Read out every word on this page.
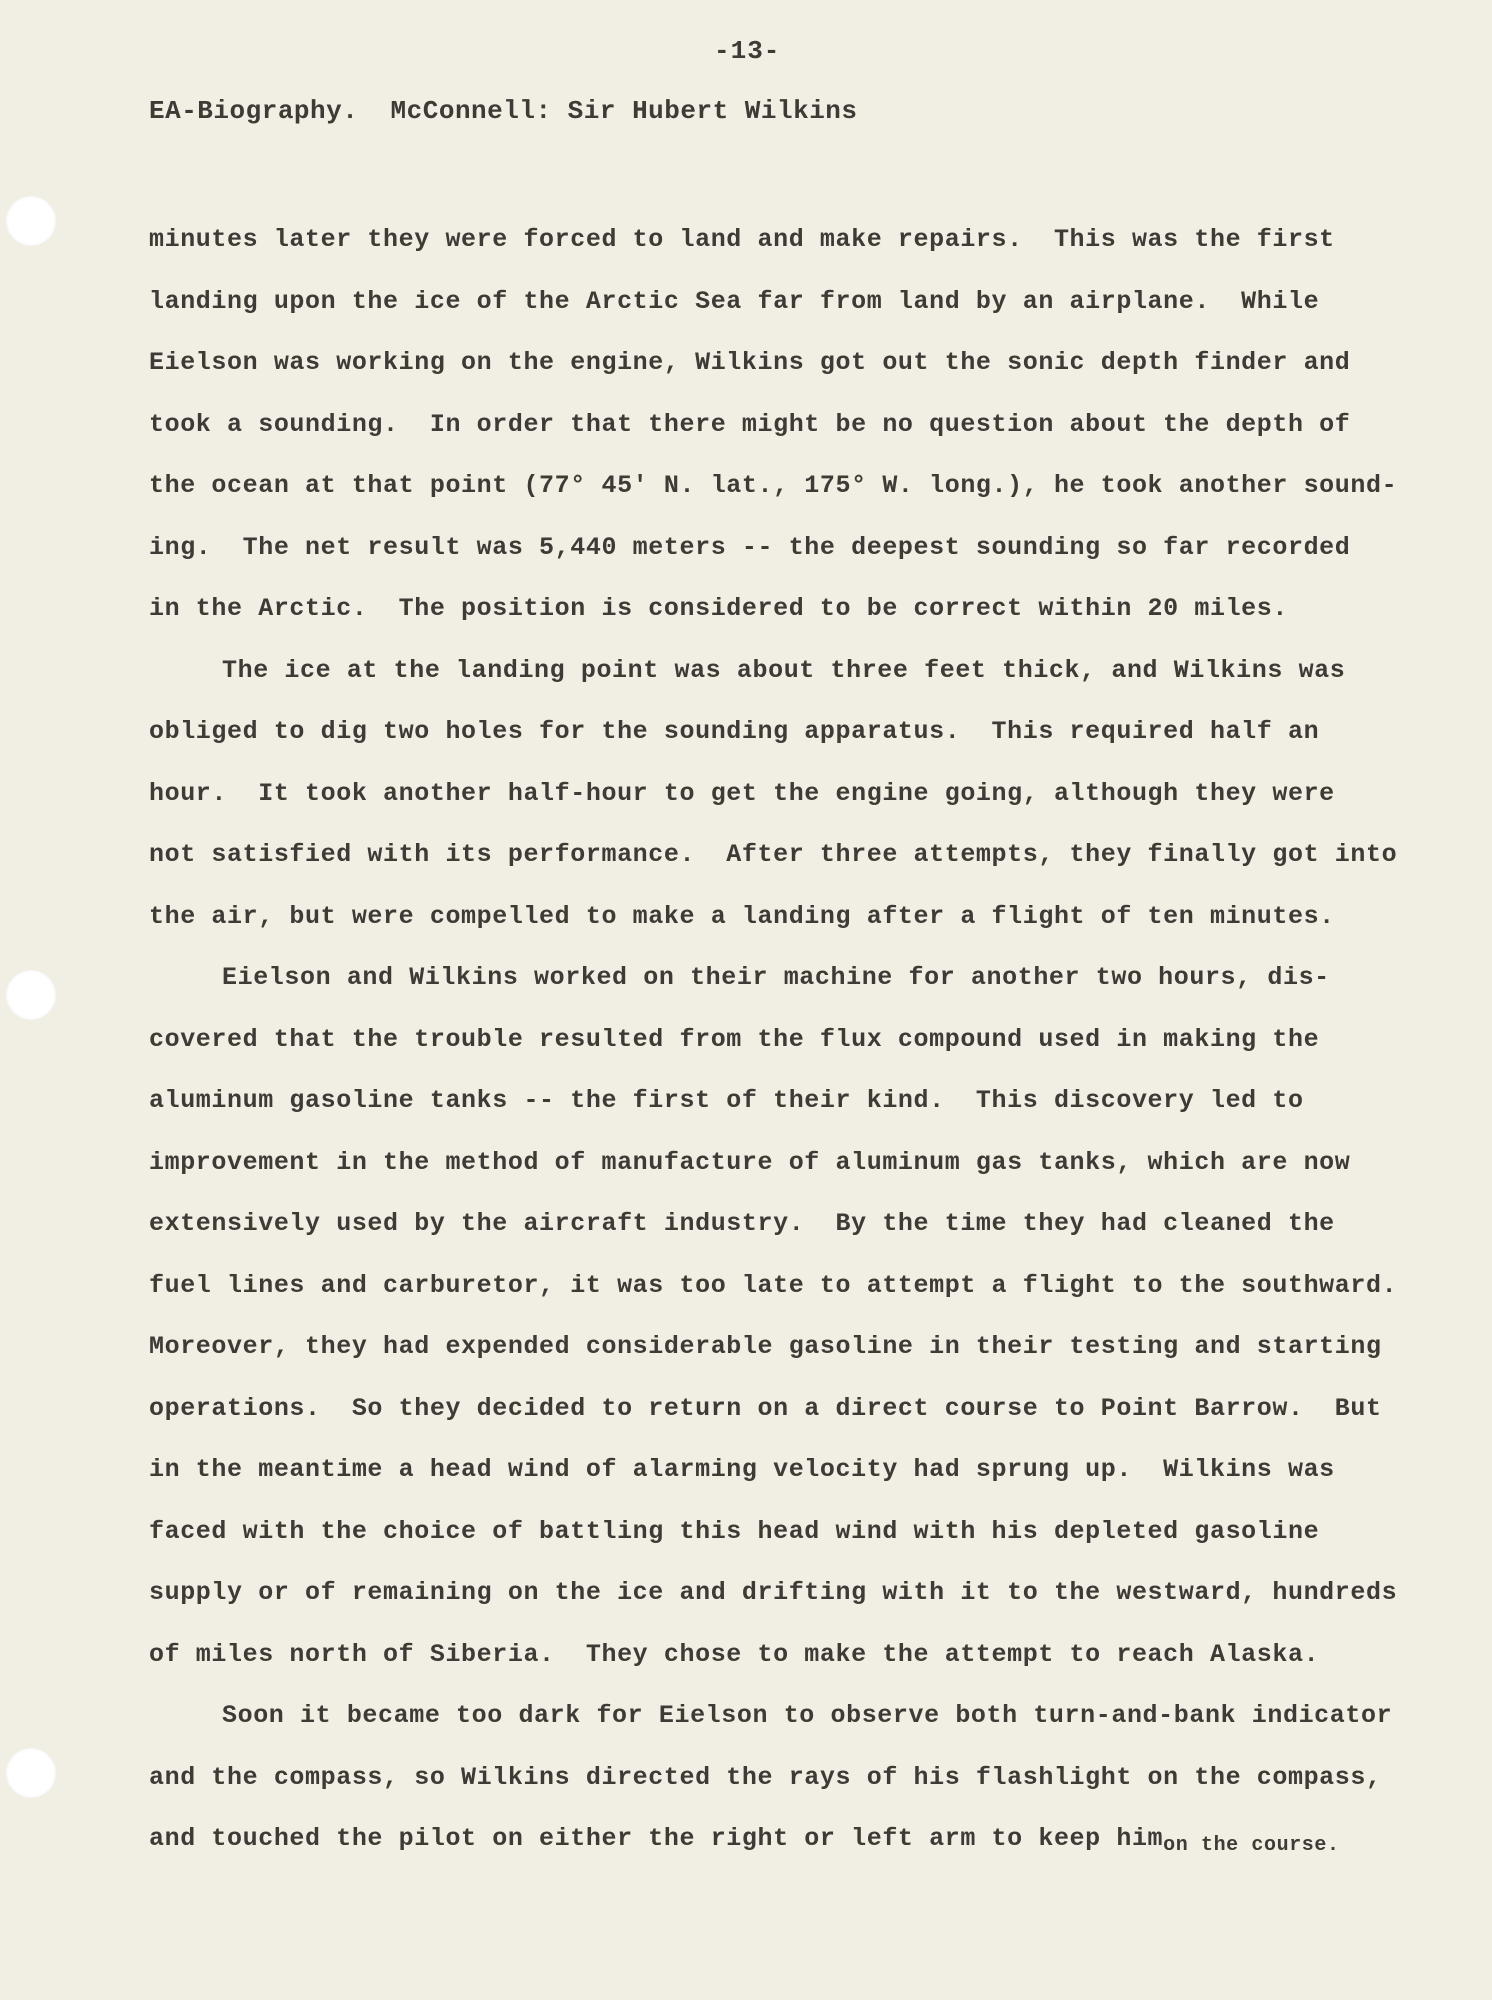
-13-
EA-Biography.  McConnell: Sir Hubert Wilkins
minutes later they were forced to land and make repairs.  This was the first
landing upon the ice of the Arctic Sea far from land by an airplane.  While
Eielson was working on the engine, Wilkins got out the sonic depth finder and
took a sounding.  In order that there might be no question about the depth of
the ocean at that point (77° 45' N. lat., 175° W. long.), he took another sound-
ing.  The net result was 5,440 meters -- the deepest sounding so far recorded
in the Arctic.  The position is considered to be correct within 20 miles.
The ice at the landing point was about three feet thick, and Wilkins was
obliged to dig two holes for the sounding apparatus.  This required half an
hour.  It took another half-hour to get the engine going, although they were
not satisfied with its performance.  After three attempts, they finally got into
the air, but were compelled to make a landing after a flight of ten minutes.
Eielson and Wilkins worked on their machine for another two hours, dis-
covered that the trouble resulted from the flux compound used in making the
aluminum gasoline tanks -- the first of their kind.  This discovery led to
improvement in the method of manufacture of aluminum gas tanks, which are now
extensively used by the aircraft industry.  By the time they had cleaned the
fuel lines and carburetor, it was too late to attempt a flight to the southward.
Moreover, they had expended considerable gasoline in their testing and starting
operations.  So they decided to return on a direct course to Point Barrow.  But
in the meantime a head wind of alarming velocity had sprung up.  Wilkins was
faced with the choice of battling this head wind with his depleted gasoline
supply or of remaining on the ice and drifting with it to the westward, hundreds
of miles north of Siberia.  They chose to make the attempt to reach Alaska.
Soon it became too dark for Eielson to observe both turn-and-bank indicator
and the compass, so Wilkins directed the rays of his flashlight on the compass,
and touched the pilot on either the right or left arm to keep him$_{on the course.}$
